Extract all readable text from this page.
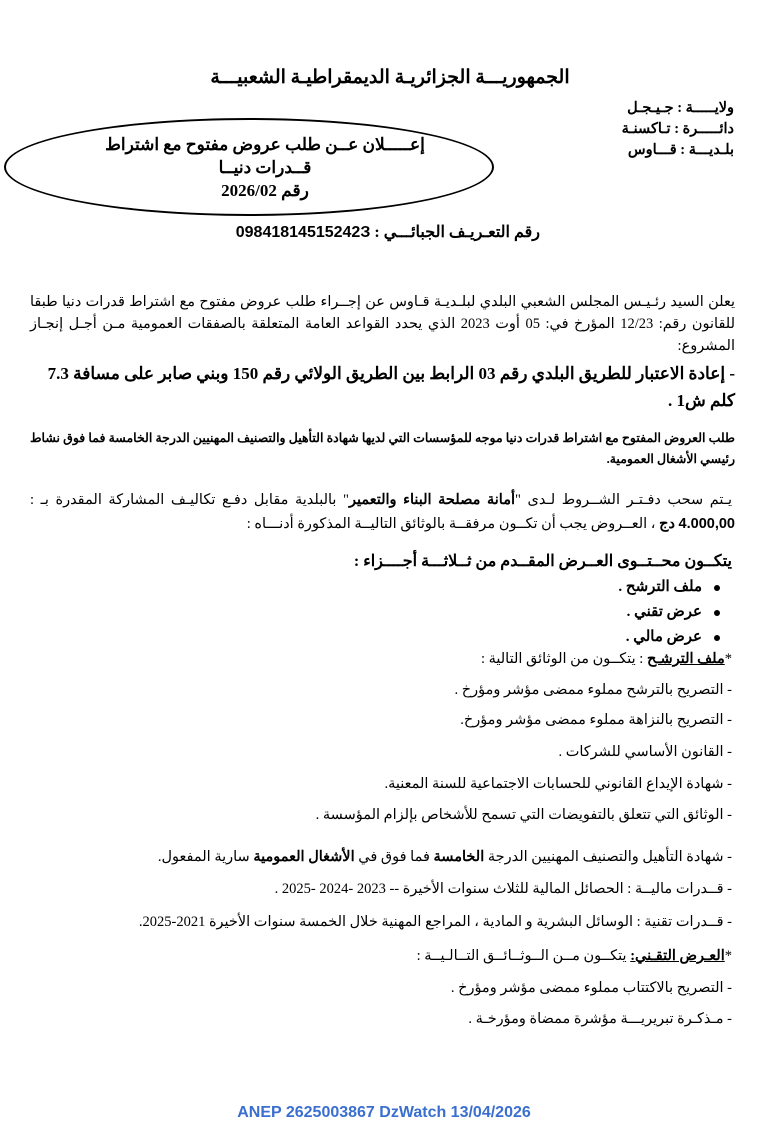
الجمهوريـــة الجزائريـة الديمقراطيـة الشعبيـــة
ولايـــــة : جـيـجـل
دائـــــرة : تـاكسنـة
بلـديـــة : قـــاوس
إعـــــلان عــن طلب عروض مفتوح مع اشتراط
قــدرات دنيــا
رقم 2026/02
رقم التعـريـف الجبائـــي : 09841814515242З
يعلن السيد رئـيـس المجلس الشعبي البلدي لبلـديـة قـاوس عن إجــراء طلب عروض مفتوح مع اشتراط قدرات دنيا طبقا للقانون رقم: 12/23 المؤرخ في: 05 أوت 2023 الذي يحدد القواعد العامة المتعلقة بالصفقات العمومية مـن أجـل إنجـاز المشروع:
- إعادة الاعتبار للطريق البلدي رقم 03 الرابط بين الطريق الولائي رقم 150 وبني صابر على مسافة 7.3 كلم ش1 .
طلب العروض المفتوح مع اشتراط قدرات دنيا موجه للمؤسسات التي لديها شهادة التأهيل والتصنيف المهنيين الدرجة الخامسة فما فوق نشاط رئيسي الأشغال العمومية.
يـتم سحب دفـتـر الشــروط لـدى "أمانة مصلحة البناء والتعمير" بالبلدية مقابل دفـع تكاليـف المشاركة المقدرة بـ : 4.000,00 دج ، العــروض يجب أن تكــون مرفقــة بالوثائق التاليــة المذكورة أدنـــاه :
يتكــون محــتــوى العــرض المقــدم من ثــلاثـــة أجــــزاء :
ملف الترشح .
عرض تقني .
عرض مالي .
*ملف الترشـح : يتكــون من الوثائق التالية :
- التصريح بالترشح مملوء ممضى مؤشر ومؤرخ .
- التصريح بالنزاهة مملوء ممضى مؤشر ومؤرخ.
- القانون الأساسي للشركات .
- شهادة الإيداع القانوني للحسابات الاجتماعية للسنة المعنية.
- الوثائق التي تتعلق بالتفويضات التي تسمح للأشخاص بإلزام المؤسسة .
- شهادة التأهيل والتصنيف المهنيين الدرجة الخامسة فما فوق في الأشغال العمومية سارية المفعول.
- قــدرات ماليــة : الحصائل المالية للثلاث سنوات الأخيرة -- 2023 -2024 -2025 .
- قــدرات تقنية : الوسائل البشرية و المادية ، المراجع المهنية خلال الخمسة سنوات الأخيرة 2021-2025.
*العـرض التقـني: يتكــون مــن الــوثــائــق التــالـيــة :
- التصريح بالاكتتاب مملوء ممضى مؤشر ومؤرخ .
- مـذكـرة تبريريـــة مؤشرة ممضاة ومؤرخـة .
ANEP 2625003867 DzWatch 13/04/2026
